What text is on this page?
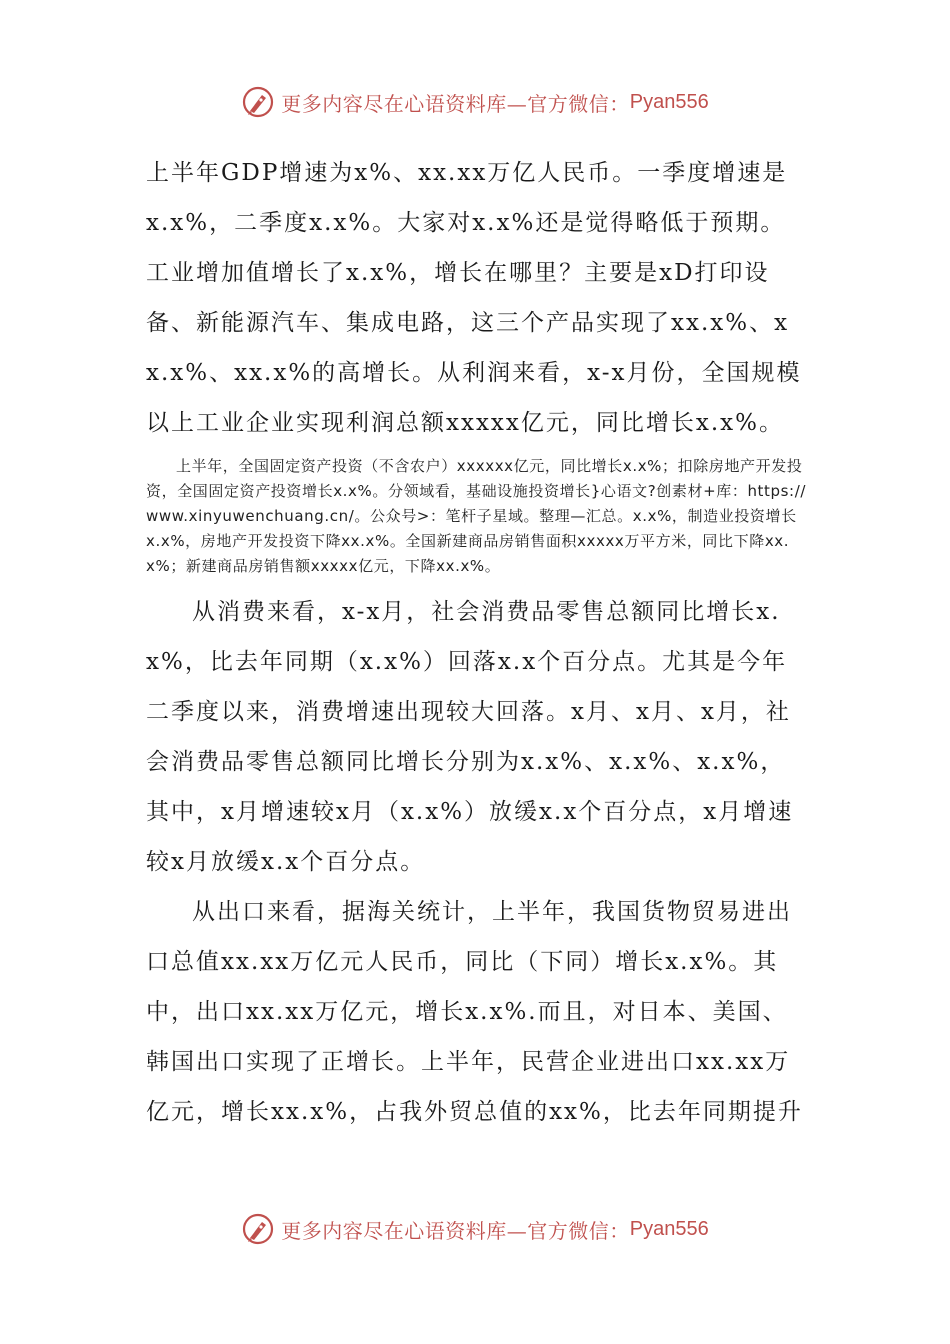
更多内容尽在心语资料库—官方微信： Pyan556

上半年GDP增速为x%、xx.xx万亿人民币。一季度增速是x.x%，二季度x.x%。大家对x.x%还是觉得略低于预期。工业增加值增长了x.x%，增长在哪里？主要是xD打印设备、新能源汽车、集成电路，这三个产品实现了xx.x%、xx.x%、xx.x%的高增长。从利润来看，x-x月份，全国规模以上工业企业实现利润总额xxxxx亿元，同比增长x.x%。

上半年，全国固定资产投资（不含农户）xxxxxx亿元，同比增长x.x%；扣除房地产开发投资，全国固定资产投资增长x.x%。分领域看，基础设施投资增长}心语文?创素材+库：https://www.xinyuwenchuang.cn/。公众号>：笔杆子星域。整理—汇总。x.x%，制造业投资增长x.x%，房地产开发投资下降xx.x%。全国新建商品房销售面积xxxxx万平方米，同比下降xx.x%；新建商品房销售额xxxxx亿元，下降xx.x%。

从消费来看，x-x月，社会消费品零售总额同比增长x.x%，比去年同期（x.x%）回落x.x个百分点。尤其是今年二季度以来，消费增速出现较大回落。x月、x月、x月，社会消费品零售总额同比增长分别为x.x%、x.x%、x.x%，其中，x月增速较x月（x.x%）放缓x.x个百分点，x月增速较x月放缓x.x个百分点。

从出口来看，据海关统计，上半年，我国货物贸易进出口总值xx.xx万亿元人民币，同比（下同）增长x.x%。其中，出口xx.xx万亿元，增长x.x%.而且，对日本、美国、韩国出口实现了正增长。上半年，民营企业进出口xx.xx万亿元，增长xx.x%，占我外贸总值的xx%，比去年同期提升

更多内容尽在心语资料库—官方微信： Pyan556
